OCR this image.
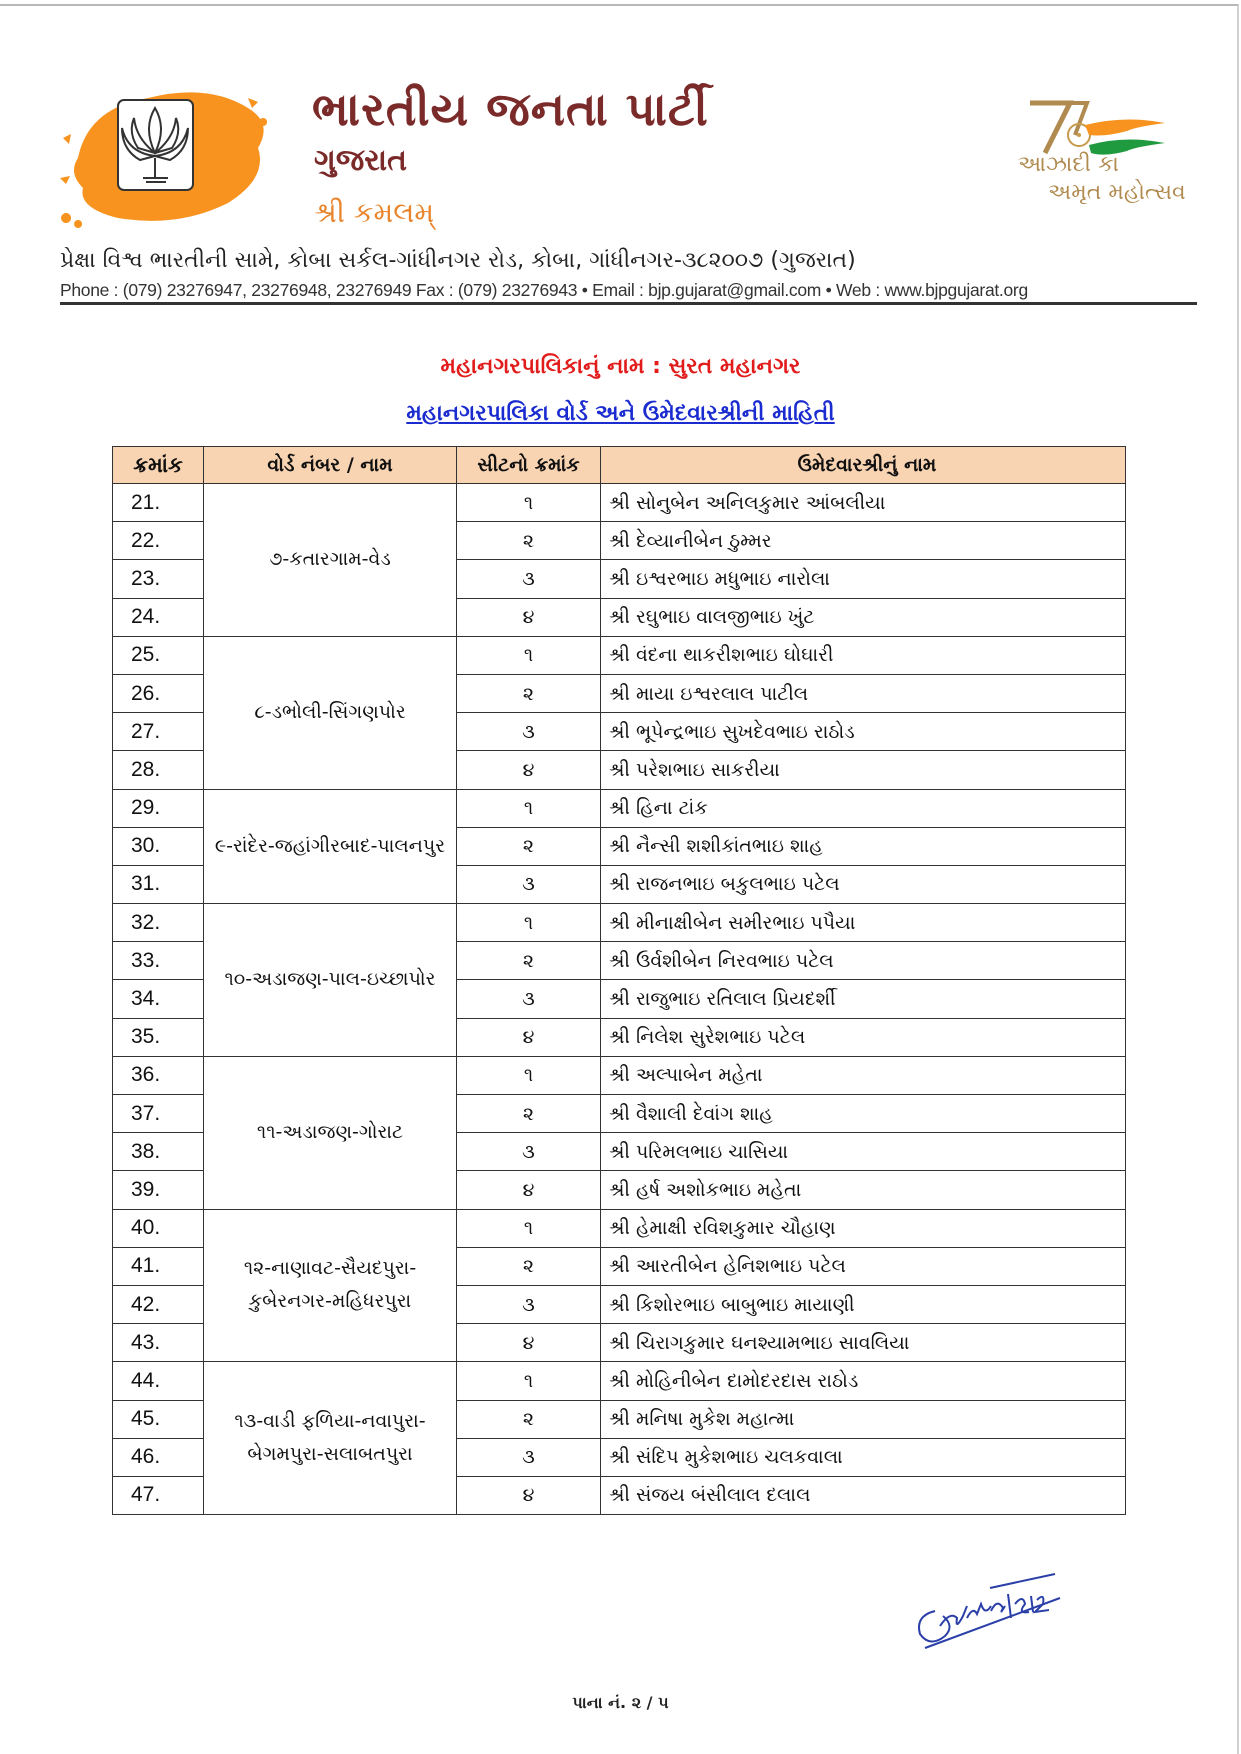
ભારતીય જનતા પાર્ટી
ગુજરાત
શ્રી કમલમ્
આઝાદી કા
અમૃત મહોત્સવ
પ્રેક્ષા વિશ્વ ભારતીની સામે, કોબા સર્કલ-ગાંધીનગર રોડ, કોબા, ગાંધીનગર-૩૮૨૦૦૭ (ગુજરાત)
Phone : (079) 23276947, 23276948, 23276949 Fax : (079) 23276943 • Email : bjp.gujarat@gmail.com • Web : www.bjpgujarat.org
મહાનગરપાલિકાનું નામ : સુરત મહાનગર
મહાનગરપાલિકા વોર્ડ અને ઉમેદવારશ્રીની માહિતી
ક્રમાંક	વોર્ડ નંબર / નામ	સીટનો ક્રમાંક	ઉમેદવારશ્રીનું નામ
21.	૭-કતારગામ-વેડ	૧	શ્રી સોનુબેન અનિલકુમાર આંબલીયા
22.		૨	શ્રી દેવ્યાનીબેન ઠુમ્મર
23.		૩	શ્રી ઇશ્વરભાઇ મધુભાઇ નારોલા
24.		૪	શ્રી રઘુભાઇ વાલજીભાઇ ખુંટ
25.	૮-ડભોલી-સિંગણપોર	૧	શ્રી વંદના થાકરીશભાઇ ઘોઘારી
26.		૨	શ્રી માયા ઇશ્વરલાલ પાટીલ
27.		૩	શ્રી ભૂપેન્દ્રભાઇ સુખદેવભાઇ રાઠોડ
28.		૪	શ્રી પરેશભાઇ સાકરીયા
29.	૯-રાંદેર-જહાંગીરબાદ-પાલનપુર	૧	શ્રી હિના ટાંક
30.		૨	શ્રી નૈન્સી શશીકાંતભાઇ શાહ
31.		૩	શ્રી રાજનભાઇ બકુલભાઇ પટેલ
32.	૧૦-અડાજણ-પાલ-ઇચ્છાપોર	૧	શ્રી મીનાક્ષીબેન સમીરભાઇ પપૈયા
33.		૨	શ્રી ઉર્વશીબેન નિરવભાઇ પટેલ
34.		૩	શ્રી રાજુભાઇ રતિલાલ પ્રિયદર્શી
35.		૪	શ્રી નિલેશ સુરેશભાઇ પટેલ
36.	૧૧-અડાજણ-ગોરાટ	૧	શ્રી અલ્પાબેન મહેતા
37.		૨	શ્રી વૈશાલી દેવાંગ શાહ
38.		૩	શ્રી પરિમલભાઇ ચાસિયા
39.		૪	શ્રી હર્ષ અશોકભાઇ મહેતા
40.	૧૨-નાણાવટ-સૈયદપુરા-કુબેરનગર-મહિધરપુરા	૧	શ્રી હેમાક્ષી રવિશકુમાર ચૌહાણ
41.		૨	શ્રી આરતીબેન હેનિશભાઇ પટેલ
42.		૩	શ્રી કિશોરભાઇ બાબુભાઇ માયાણી
43.		૪	શ્રી ચિરાગકુમાર ઘનશ્યામભાઇ સાવલિયા
44.	૧૩-વાડી ફળિયા-નવાપુરા-બેગમપુરા-સલાબતપુરા	૧	શ્રી મોહિનીબેન દામોદરદાસ રાઠોડ
45.		૨	શ્રી મનિષા મુકેશ મહાત્મા
46.		૩	શ્રી સંદિપ મુકેશભાઇ ચલકવાલા
47.		૪	શ્રી સંજય બંસીલાલ દલાલ
પાના નં. ૨ / ૫
